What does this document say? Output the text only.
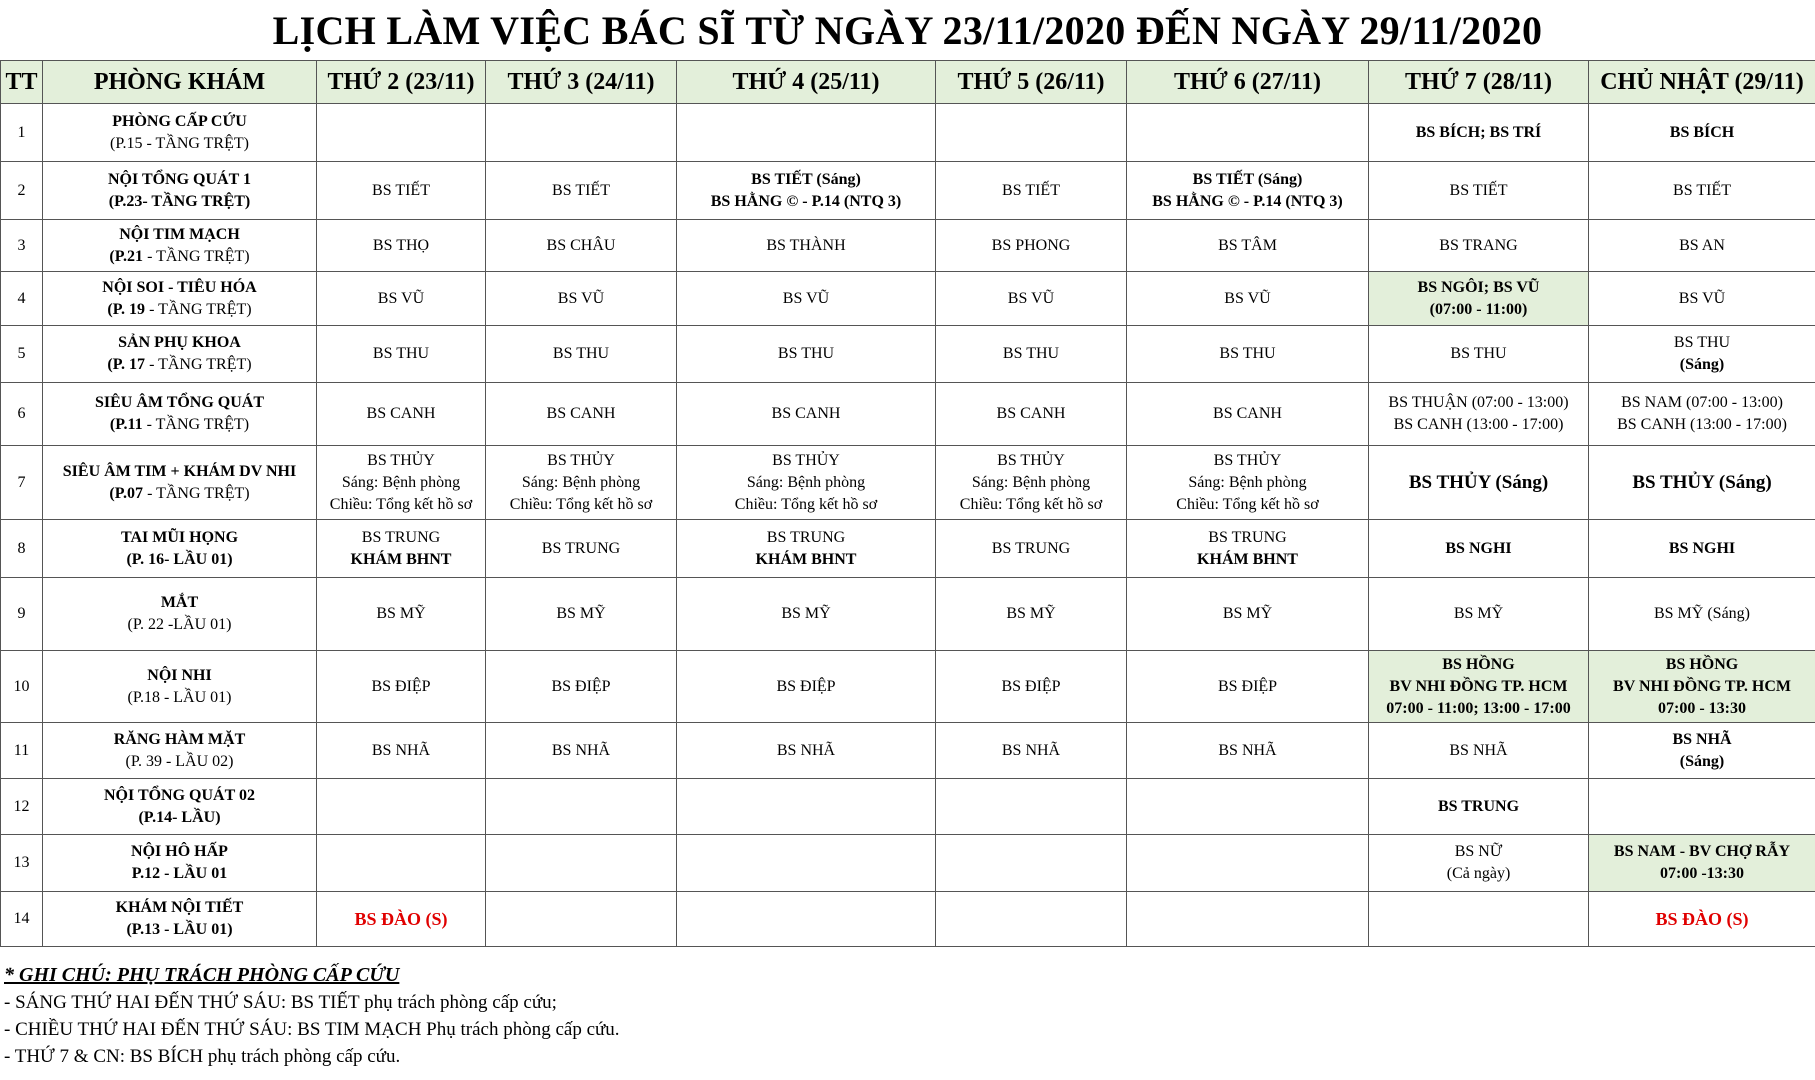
LỊCH LÀM VIỆC BÁC SĨ TỪ NGÀY 23/11/2020 ĐẾN NGÀY 29/11/2020
TT	PHÒNG KHÁM	THỨ 2 (23/11)	THỨ 3 (24/11)	THỨ 4 (25/11)	THỨ 5 (26/11)	THỨ 6 (27/11)	THỨ 7 (28/11)	CHỦ NHẬT (29/11)
1	PHÒNG CẤP CỨU
(P.15 - TẦNG TRỆT)						BS BÍCH; BS TRÍ	BS BÍCH

2	NỘI TỔNG QUÁT 1
(P.23- TẦNG TRỆT)	BS TIẾT	BS TIẾT	BS TIẾT (Sáng)
BS HẰNG © - P.14 (NTQ 3)	BS TIẾT	BS TIẾT (Sáng)
BS HẰNG © - P.14 (NTQ 3)	BS TIẾT	BS TIẾT

3	NỘI TIM MẠCH
(P.21 - TẦNG TRỆT)	BS THỌ	BS CHÂU	BS THÀNH	BS PHONG	BS TÂM	BS TRANG	BS AN

4	NỘI SOI - TIÊU HÓA
(P. 19 - TẦNG TRỆT)	BS VŨ	BS VŨ	BS VŨ	BS VŨ	BS VŨ	BS NGÔI; BS VŨ
(07:00 - 11:00)	BS VŨ

5	SẢN PHỤ KHOA
(P. 17 - TẦNG TRỆT)	BS THU	BS THU	BS THU	BS THU	BS THU	BS THU	BS THU
(Sáng)

6	SIÊU ÂM TỔNG QUÁT
(P.11 - TẦNG TRỆT)	BS CANH	BS CANH	BS CANH	BS CANH	BS CANH	BS THUẬN (07:00 - 13:00)
BS CANH (13:00 - 17:00)	BS NAM (07:00 - 13:00)
BS CANH (13:00 - 17:00)

7	SIÊU ÂM TIM + KHÁM DV NHI
(P.07 - TẦNG TRỆT)	BS THỦY
Sáng: Bệnh phòng
Chiều: Tổng kết hồ sơ	BS THỦY
Sáng: Bệnh phòng
Chiều: Tổng kết hồ sơ	BS THỦY
Sáng: Bệnh phòng
Chiều: Tổng kết hồ sơ	BS THỦY
Sáng: Bệnh phòng
Chiều: Tổng kết hồ sơ	BS THỦY
Sáng: Bệnh phòng
Chiều: Tổng kết hồ sơ	BS THỦY (Sáng)	BS THỦY (Sáng)

8	TAI MŨI HỌNG
(P. 16- LẦU 01)	BS TRUNG
KHÁM BHNT	BS TRUNG	BS TRUNG
KHÁM BHNT	BS TRUNG	BS TRUNG
KHÁM BHNT	BS NGHI	BS NGHI

9	MẮT
(P. 22 -LẦU 01)	BS MỸ	BS MỸ	BS MỸ	BS MỸ	BS MỸ	BS MỸ	BS MỸ (Sáng)

10	NỘI NHI
(P.18 - LẦU 01)	BS ĐIỆP	BS ĐIỆP	BS ĐIỆP	BS ĐIỆP	BS ĐIỆP	BS HỒNG
BV NHI ĐỒNG TP. HCM
07:00 - 11:00; 13:00 - 17:00	BS HỒNG
BV NHI ĐỒNG TP. HCM
07:00 - 13:30

11	RĂNG HÀM MẶT
(P. 39 - LẦU 02)	BS NHÃ	BS NHÃ	BS NHÃ	BS NHÃ	BS NHÃ	BS NHÃ	BS NHÃ
(Sáng)

12	NỘI TỔNG QUÁT 02
(P.14- LẦU)						BS TRUNG	

13	NỘI HÔ HẤP
P.12 - LẦU 01						BS NỮ
(Cả ngày)	BS NAM - BV CHỢ RẪY
07:00 -13:30

14	KHÁM NỘI TIẾT
(P.13 - LẦU 01)	BS ĐÀO (S)						BS ĐÀO (S)
* GHI CHÚ: PHỤ TRÁCH PHÒNG CẤP CỨU
- SÁNG THỨ HAI ĐẾN THỨ SÁU: BS TIẾT phụ trách phòng cấp cứu;
- CHIỀU THỨ HAI ĐẾN THỨ SÁU: BS TIM MẠCH Phụ trách phòng cấp cứu.
- THỨ 7 & CN: BS BÍCH phụ trách phòng cấp cứu.
